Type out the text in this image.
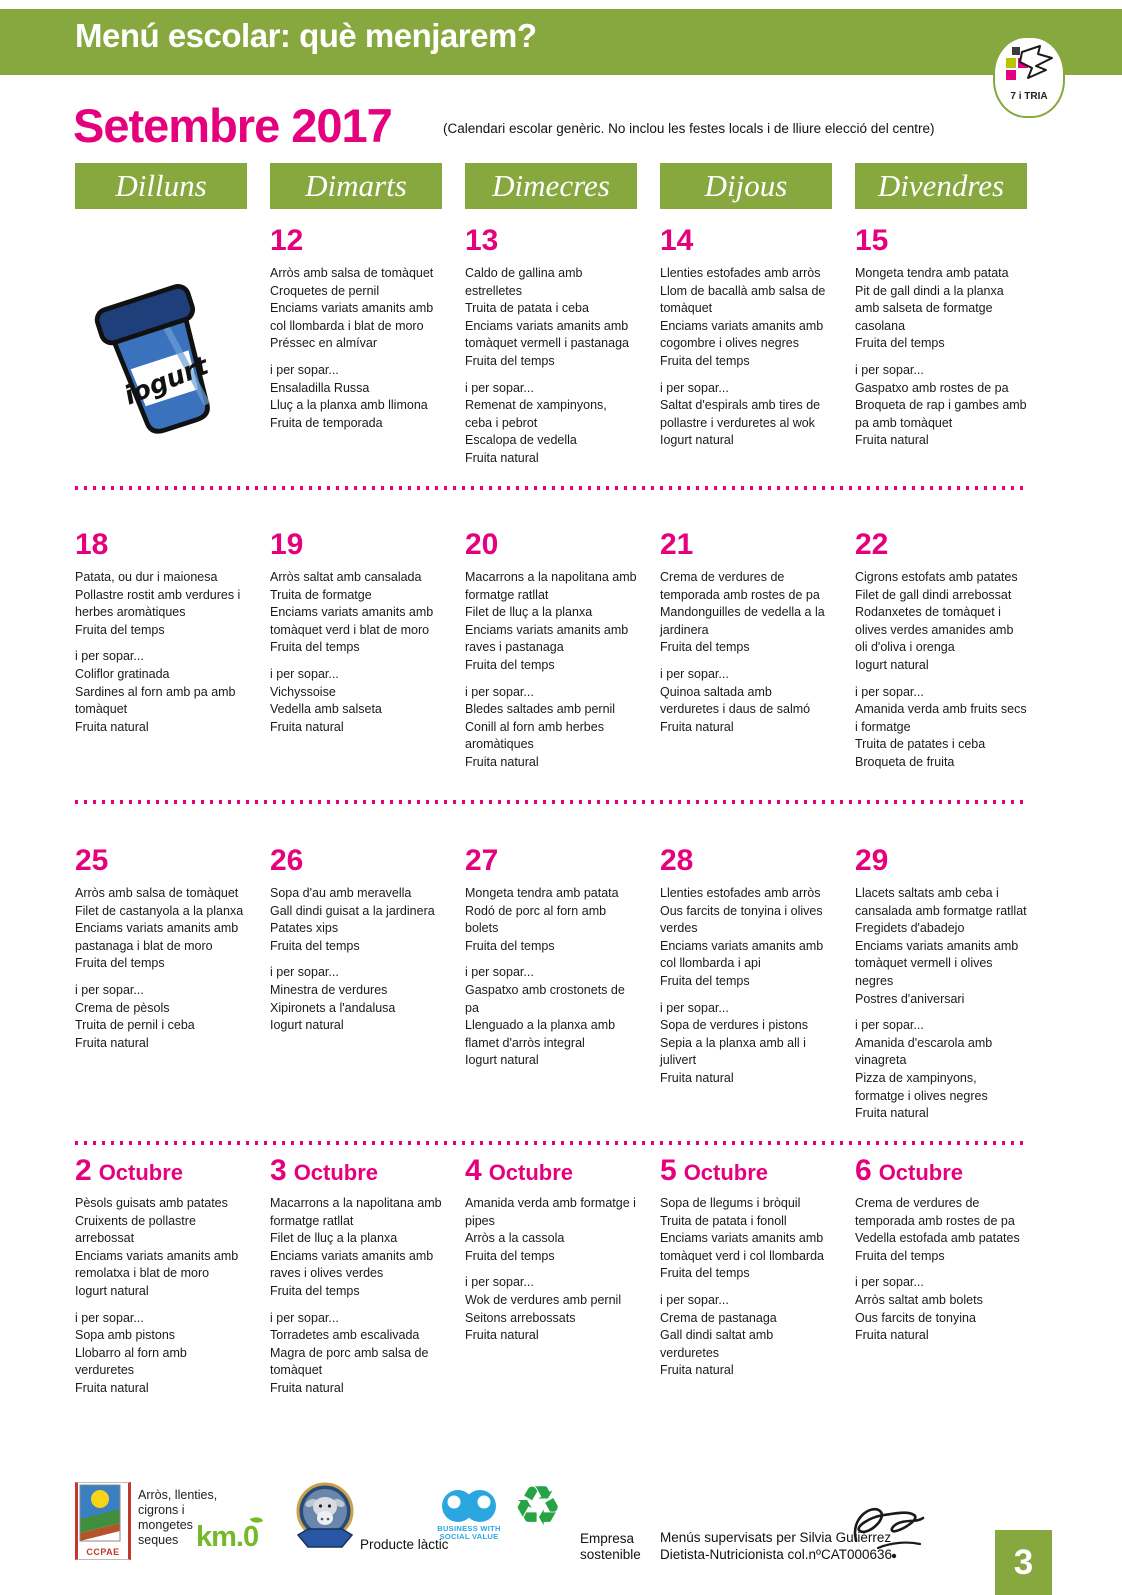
Menú escolar: què menjarem?
7 i TRIA
Setembre 2017	(Calendari escolar genèric. No inclou les festes locals i de lliure elecció del centre)
Dilluns	Dimarts	Dimecres	Dijous	Divendres
iogurt
12
Arròs amb salsa de tomàquet
Croquetes de pernil
Enciams variats amanits amb col llombarda i blat de moro
Préssec en almívar
i per sopar...
Ensaladilla Russa
Lluç a la planxa amb llimona
Fruita de temporada
13
Caldo de gallina amb estrelletes
Truita de patata i ceba
Enciams variats amanits amb tomàquet vermell i pastanaga
Fruita del temps
i per sopar...
Remenat de xampinyons, ceba i pebrot
Escalopa de vedella
Fruita natural
14
Llenties estofades amb arròs
Llom de bacallà amb salsa de tomàquet
Enciams variats amanits amb cogombre i olives negres
Fruita del temps
i per sopar...
Saltat d'espirals amb tires de pollastre i verduretes al wok
Iogurt natural
15
Mongeta tendra amb patata
Pit de gall dindi a la planxa amb salseta de formatge casolana
Fruita del temps
i per sopar...
Gaspatxo amb rostes de pa
Broqueta de rap i gambes amb pa amb tomàquet
Fruita natural
18
Patata, ou dur i maionesa
Pollastre rostit amb verdures i herbes aromàtiques
Fruita del temps
i per sopar...
Coliflor gratinada
Sardines al forn amb pa amb tomàquet
Fruita natural
19
Arròs saltat amb cansalada
Truita de formatge
Enciams variats amanits amb tomàquet verd i blat de moro
Fruita del temps
i per sopar...
Vichyssoise
Vedella amb salseta
Fruita natural
20
Macarrons a la napolitana amb formatge ratllat
Filet de lluç a la planxa
Enciams variats amanits amb raves i pastanaga
Fruita del temps
i per sopar...
Bledes saltades amb pernil
Conill al forn amb herbes aromàtiques
Fruita natural
21
Crema de verdures de temporada amb rostes de pa
Mandonguilles de vedella a la jardinera
Fruita del temps
i per sopar...
Quinoa saltada amb verduretes i daus de salmó
Fruita natural
22
Cigrons estofats amb patates
Filet de gall dindi arrebossat
Rodanxetes de tomàquet i olives verdes amanides amb oli d'oliva i orenga
Iogurt natural
i per sopar...
Amanida verda amb fruits secs i formatge
Truita de patates i ceba
Broqueta de fruita
25
Arròs amb salsa de tomàquet
Filet de castanyola a la planxa
Enciams variats amanits amb pastanaga i blat de moro
Fruita del temps
i per sopar...
Crema de pèsols
Truita de pernil i ceba
Fruita natural
26
Sopa d'au amb meravella
Gall dindi guisat a la jardinera
Patates xips
Fruita del temps
i per sopar...
Minestra de verdures
Xipironets a l'andalusa
Iogurt natural
27
Mongeta tendra amb patata
Rodó de porc al forn amb bolets
Fruita del temps
i per sopar...
Gaspatxo amb crostonets de pa
Llenguado a la planxa amb flamet d'arròs integral
Iogurt natural
28
Llenties estofades amb arròs
Ous farcits de tonyina i olives verdes
Enciams variats amanits amb col llombarda i api
Fruita del temps
i per sopar...
Sopa de verdures i pistons
Sepia a la planxa amb all i julivert
Fruita natural
29
Llacets saltats amb ceba i cansalada amb formatge ratllat
Fregidets d'abadejo
Enciams variats amanits amb tomàquet vermell i olives negres
Postres d'aniversari
i per sopar...
Amanida d'escarola amb vinagreta
Pizza de xampinyons, formatge i olives negres
Fruita natural
2 Octubre
Pèsols guisats amb patates
Cruixents de pollastre arrebossat
Enciams variats amanits amb remolatxa i blat de moro
Iogurt natural
i per sopar...
Sopa amb pistons
Llobarro al forn amb verduretes
Fruita natural
3 Octubre
Macarrons a la napolitana amb formatge ratllat
Filet de lluç a la planxa
Enciams variats amanits amb raves i olives verdes
Fruita del temps
i per sopar...
Torradetes amb escalivada
Magra de porc amb salsa de tomàquet
Fruita natural
4 Octubre
Amanida verda amb formatge i pipes
Arròs a la cassola
Fruita del temps
i per sopar...
Wok de verdures amb pernil
Seitons arrebossats
Fruita natural
5 Octubre
Sopa de llegums i bròquil
Truita de patata i fonoll
Enciams variats amanits amb tomàquet verd i col llombarda
Fruita del temps
i per sopar...
Crema de pastanaga
Gall dindi saltat amb verduretes
Fruita natural
6 Octubre
Crema de verdures de temporada amb rostes de pa
Vedella estofada amb patates
Fruita del temps
i per sopar...
Arròs saltat amb bolets
Ous farcits de tonyina
Fruita natural
CCPAE
Arròs, llenties, cigrons i mongetes seques km.0	Producte làctic
BUSINESS WITH SOCIAL VALUE ♻
Empresa sostenible
Menús supervisats per Silvia Gutiérrez
Dietista-Nutricionista col.nºCAT000636	3
